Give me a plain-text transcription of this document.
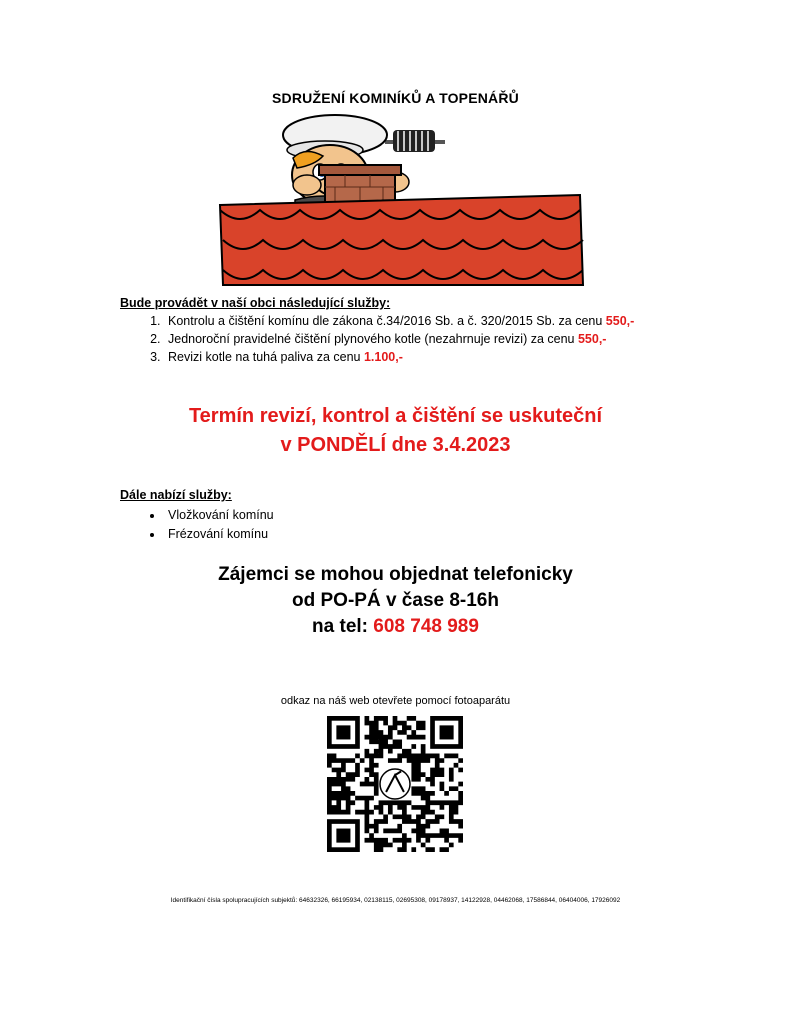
SDRUŽENÍ KOMINÍKŮ A TOPENÁŘŮ
Bude provádět v naší obci následující služby:
1. Kontrolu a čištění komínu dle zákona č.34/2016 Sb. a č. 320/2015 Sb. za cenu 550,-
2. Jednoroční pravidelné čištění plynového kotle (nezahrnuje revizi) za cenu 550,-
3. Revizi kotle na tuhá paliva za cenu 1.100,-
Termín revizí, kontrol a čištění se uskuteční
v PONDĚLÍ dne 3.4.2023
Dále nabízí služby:
• Vložkování komínu
• Frézování komínu
Zájemci se mohou objednat telefonicky
od PO-PÁ v čase 8-16h
na tel: 608 748 989
odkaz na náš web otevřete pomocí fotoaparátu
Identifikační čísla spolupracujících subjektů: 64632326, 66195934, 02138115, 02695308, 09178937, 14122928, 04462068, 17586844, 06404006, 17926092
